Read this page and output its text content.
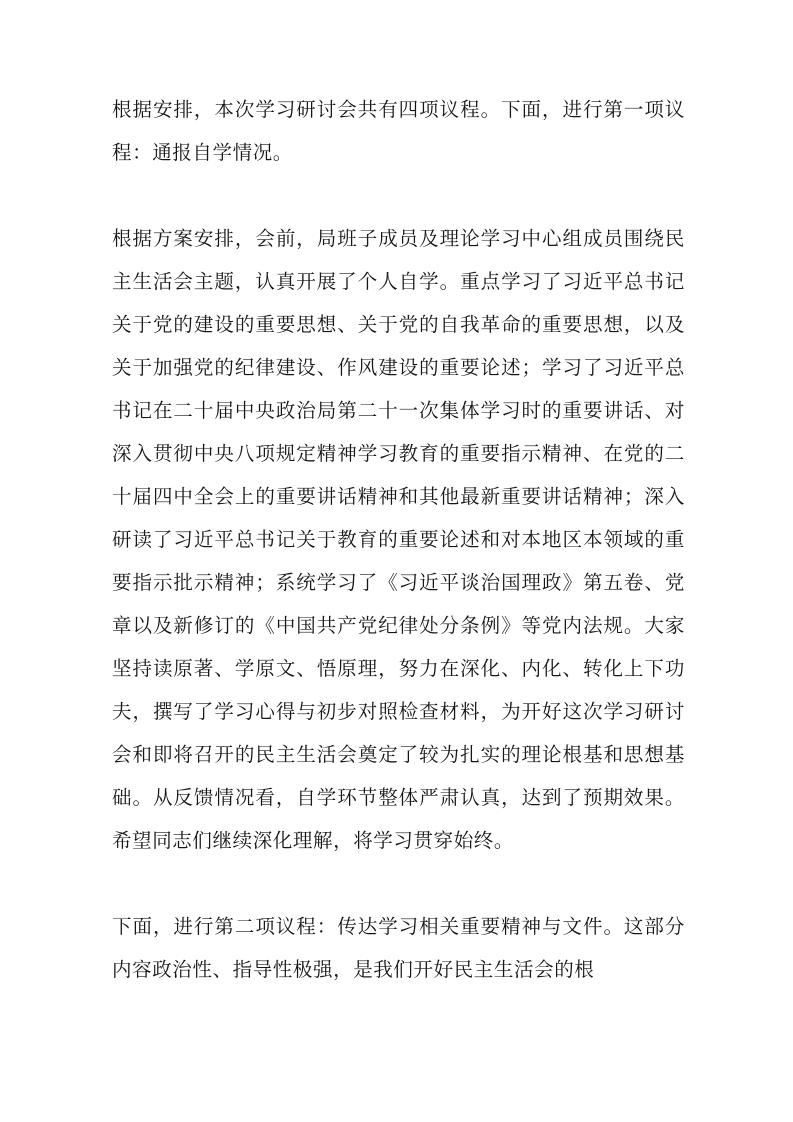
根据安排，本次学习研讨会共有四项议程。下面，进行第一项议程：通报自学情况。

根据方案安排，会前，局班子成员及理论学习中心组成员围绕民主生活会主题，认真开展了个人自学。重点学习了习近平总书记关于党的建设的重要思想、关于党的自我革命的重要思想，以及关于加强党的纪律建设、作风建设的重要论述；学习了习近平总书记在二十届中央政治局第二十一次集体学习时的重要讲话、对深入贯彻中央八项规定精神学习教育的重要指示精神、在党的二十届四中全会上的重要讲话精神和其他最新重要讲话精神；深入研读了习近平总书记关于教育的重要论述和对本地区本领域的重要指示批示精神；系统学习了《习近平谈治国理政》第五卷、党章以及新修订的《中国共产党纪律处分条例》等党内法规。大家坚持读原著、学原文、悟原理，努力在深化、内化、转化上下功夫，撰写了学习心得与初步对照检查材料，为开好这次学习研讨会和即将召开的民主生活会奠定了较为扎实的理论根基和思想基础。从反馈情况看，自学环节整体严肃认真，达到了预期效果。希望同志们继续深化理解，将学习贯穿始终。

下面，进行第二项议程：传达学习相关重要精神与文件。这部分内容政治性、指导性极强，是我们开好民主生活会的根
